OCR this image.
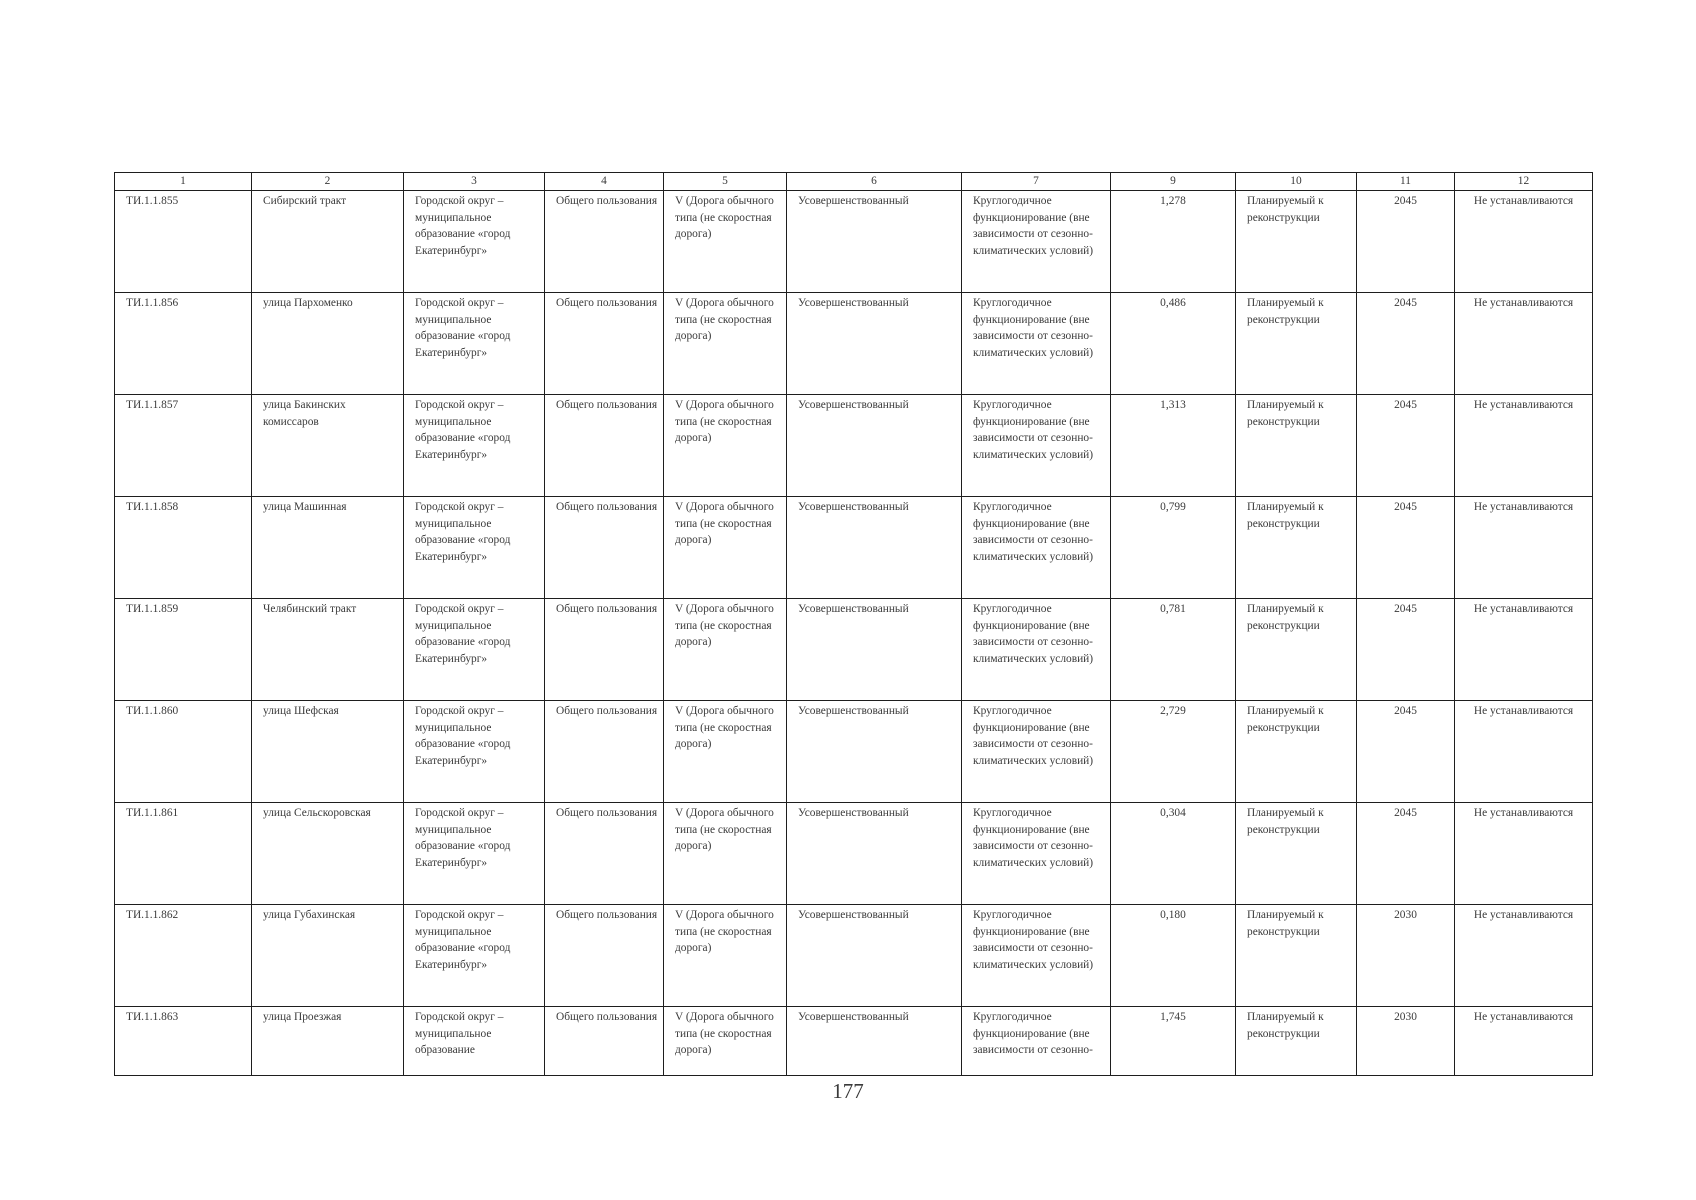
1	2	3	4	5	6	7	9	10	11	12
ТИ.1.1.855	Сибирский тракт	Городской округ – муниципальное образование «город Екатеринбург»	Общего пользования	V (Дорога обычного типа (не скоростная дорога)	Усовершенствованный	Круглогодичное функционирование (вне зависимости от сезонно-климатических условий)	1,278	Планируемый к реконструкции	2045	Не устанавливаются
ТИ.1.1.856	улица Пархоменко	Городской округ – муниципальное образование «город Екатеринбург»	Общего пользования	V (Дорога обычного типа (не скоростная дорога)	Усовершенствованный	Круглогодичное функционирование (вне зависимости от сезонно-климатических условий)	0,486	Планируемый к реконструкции	2045	Не устанавливаются
ТИ.1.1.857	улица Бакинских комиссаров	Городской округ – муниципальное образование «город Екатеринбург»	Общего пользования	V (Дорога обычного типа (не скоростная дорога)	Усовершенствованный	Круглогодичное функционирование (вне зависимости от сезонно-климатических условий)	1,313	Планируемый к реконструкции	2045	Не устанавливаются
ТИ.1.1.858	улица Машинная	Городской округ – муниципальное образование «город Екатеринбург»	Общего пользования	V (Дорога обычного типа (не скоростная дорога)	Усовершенствованный	Круглогодичное функционирование (вне зависимости от сезонно-климатических условий)	0,799	Планируемый к реконструкции	2045	Не устанавливаются
ТИ.1.1.859	Челябинский тракт	Городской округ – муниципальное образование «город Екатеринбург»	Общего пользования	V (Дорога обычного типа (не скоростная дорога)	Усовершенствованный	Круглогодичное функционирование (вне зависимости от сезонно-климатических условий)	0,781	Планируемый к реконструкции	2045	Не устанавливаются
ТИ.1.1.860	улица Шефская	Городской округ – муниципальное образование «город Екатеринбург»	Общего пользования	V (Дорога обычного типа (не скоростная дорога)	Усовершенствованный	Круглогодичное функционирование (вне зависимости от сезонно-климатических условий)	2,729	Планируемый к реконструкции	2045	Не устанавливаются
ТИ.1.1.861	улица Сельскоровская	Городской округ – муниципальное образование «город Екатеринбург»	Общего пользования	V (Дорога обычного типа (не скоростная дорога)	Усовершенствованный	Круглогодичное функционирование (вне зависимости от сезонно-климатических условий)	0,304	Планируемый к реконструкции	2045	Не устанавливаются
ТИ.1.1.862	улица Губахинская	Городской округ – муниципальное образование «город Екатеринбург»	Общего пользования	V (Дорога обычного типа (не скоростная дорога)	Усовершенствованный	Круглогодичное функционирование (вне зависимости от сезонно-климатических условий)	0,180	Планируемый к реконструкции	2030	Не устанавливаются
ТИ.1.1.863	улица Проезжая	Городской округ – муниципальное образование	Общего пользования	V (Дорога обычного типа (не скоростная дорога)	Усовершенствованный	Круглогодичное функционирование (вне зависимости от сезонно-	1,745	Планируемый к реконструкции	2030	Не устанавливаются
177
